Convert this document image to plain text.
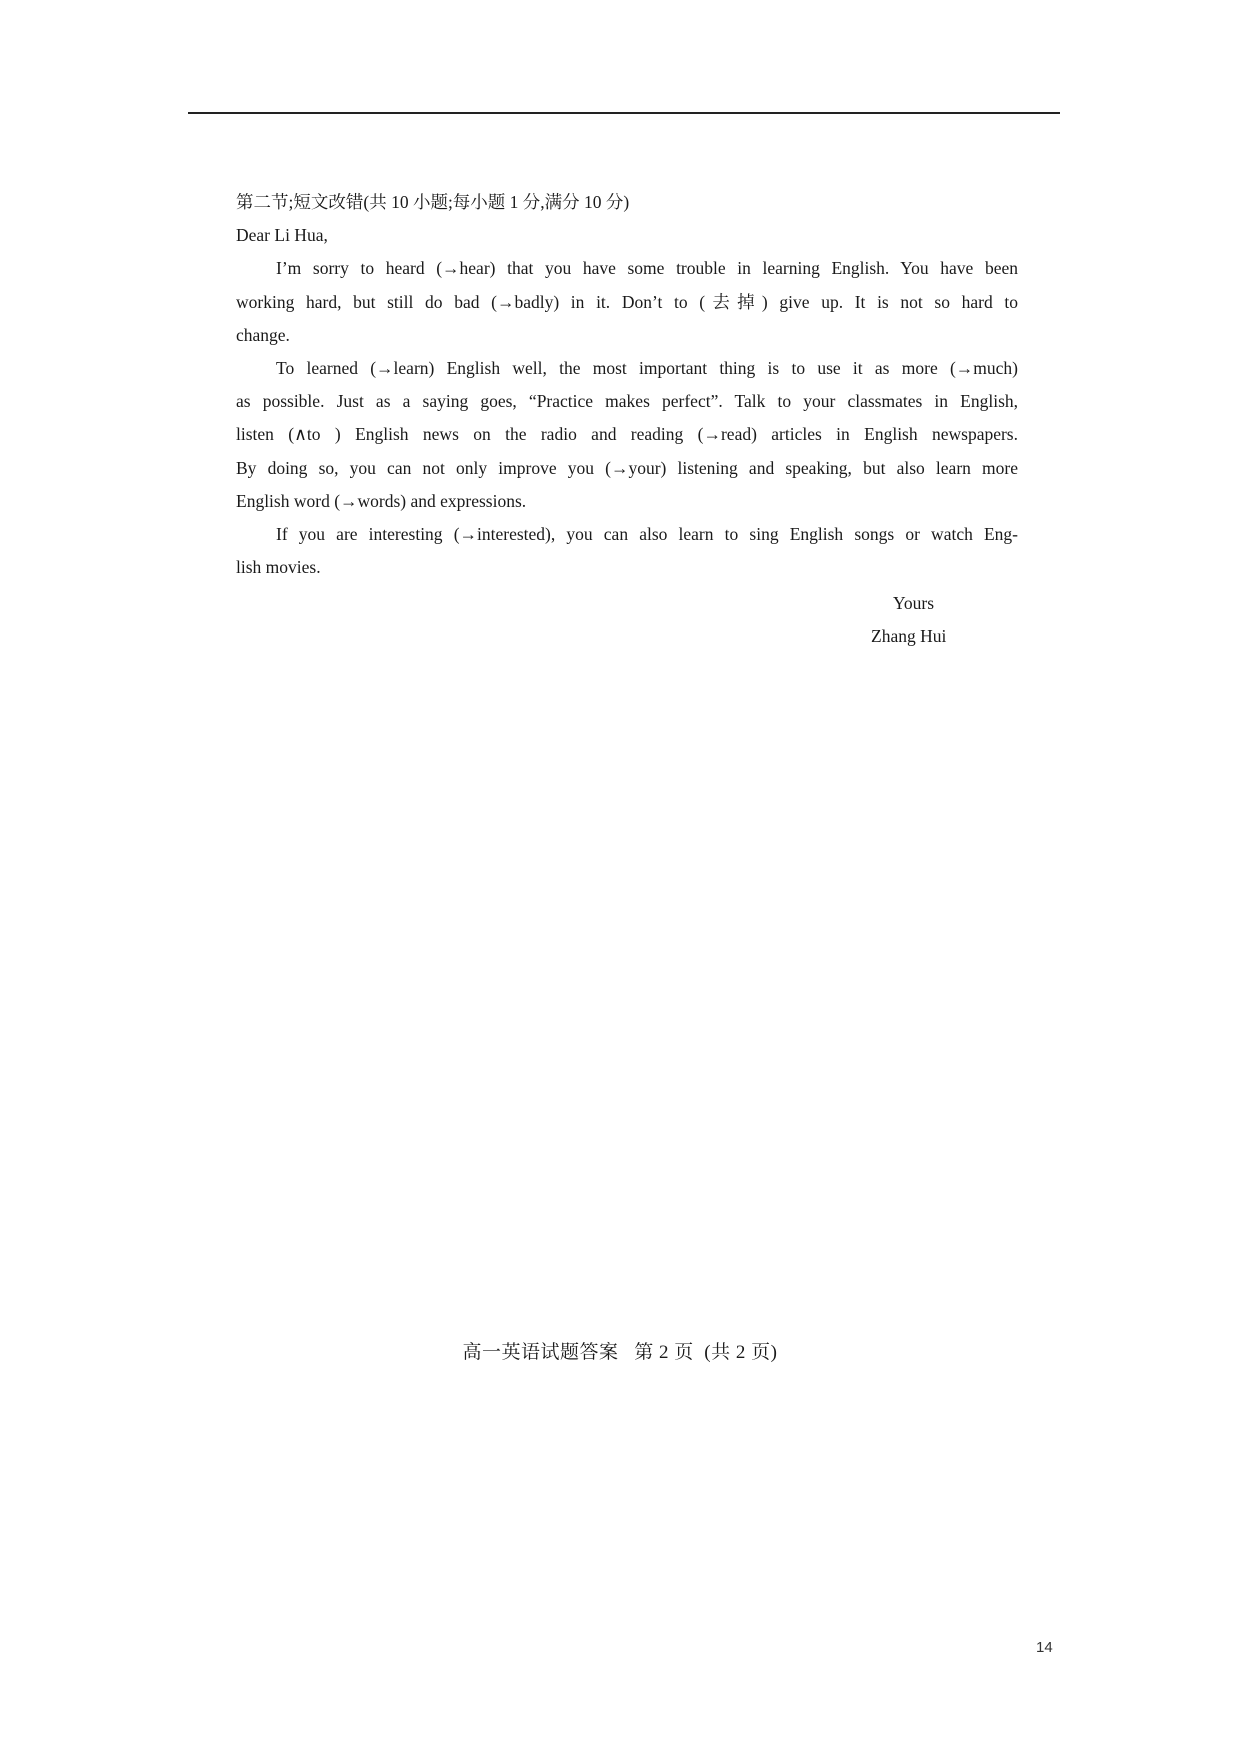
第二节;短文改错(共 10 小题;每小题 1 分,满分 10 分)

Dear Li Hua,

I’m sorry to heard (→hear) that you have some trouble in learning English. You have been
working hard, but still do bad (→badly) in it. Don’t to (去掉) give up. It is not so hard to
change.

To learned (→learn) English well, the most important thing is to use it as more (→much)
as possible. Just as a saying goes, “Practice makes perfect”. Talk to your classmates in English,
listen (∧to ) English news on the radio and reading (→read) articles in English newspapers.
By doing so, you can not only improve you (→your) listening and speaking, but also learn more
English word (→words) and expressions.

If you are interesting (→interested), you can also learn to sing English songs or watch Eng-
lish movies.

Yours
Zhang Hui
高一英语试题答案   第 2 页  (共 2 页)
14
